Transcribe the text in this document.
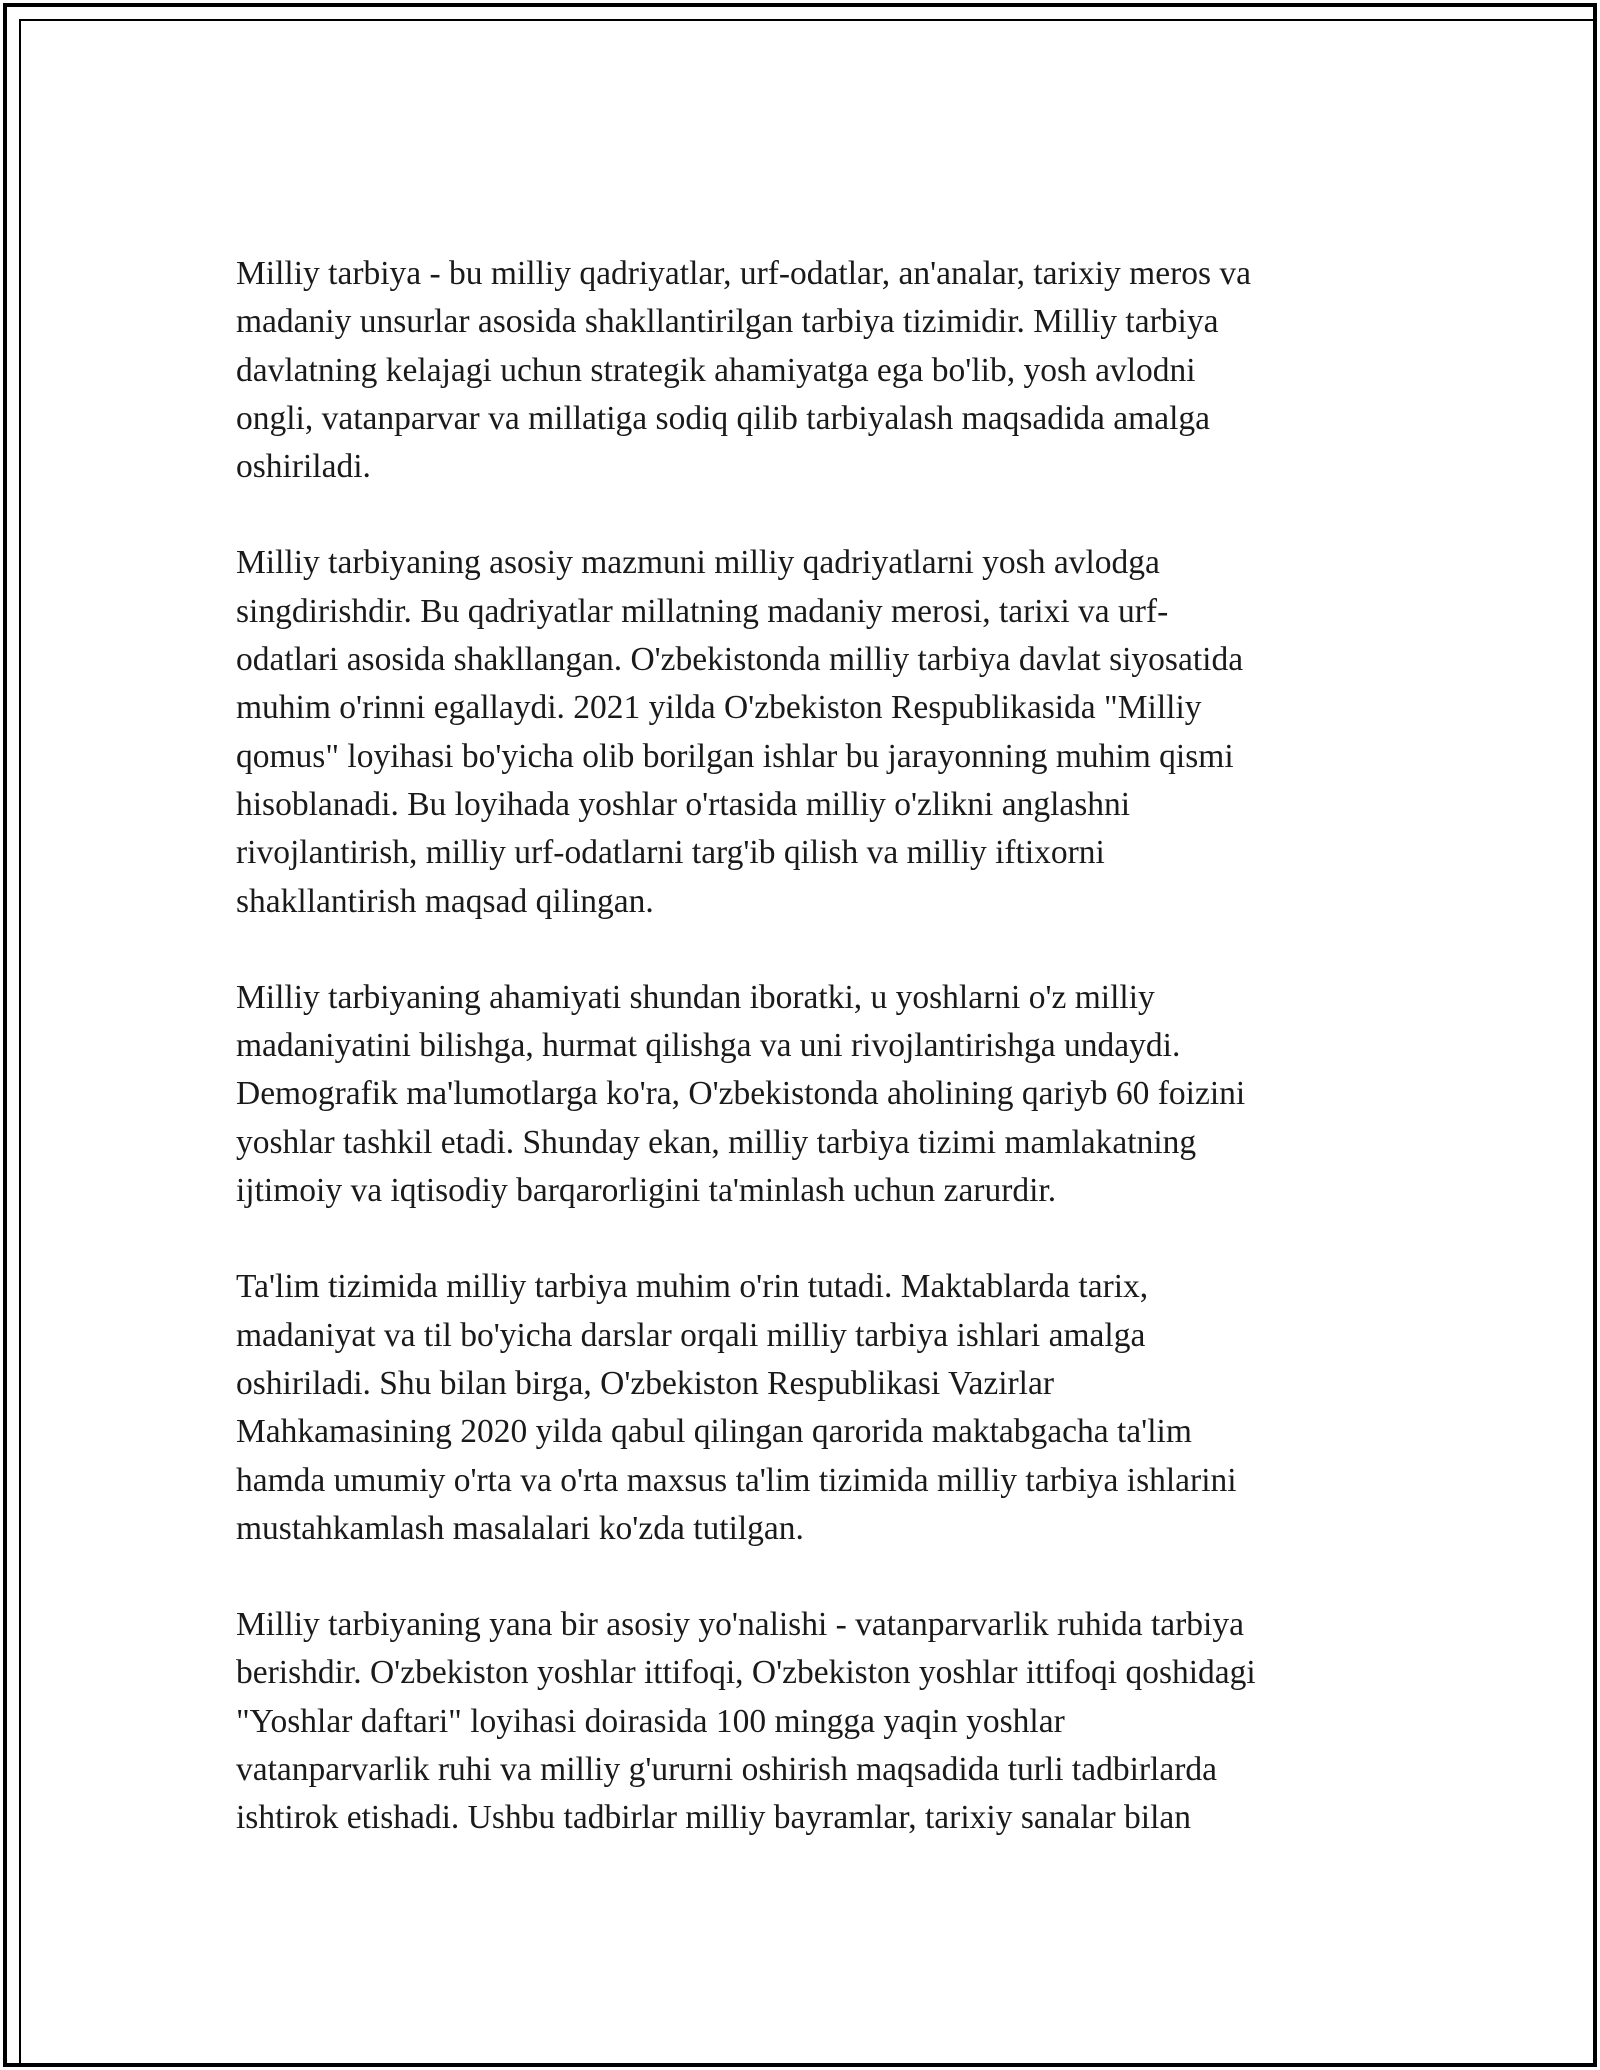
Milliy tarbiya - bu milliy qadriyatlar, urf-odatlar, an'analar, tarixiy meros va
madaniy unsurlar asosida shakllantirilgan tarbiya tizimidir. Milliy tarbiya
davlatning kelajagi uchun strategik ahamiyatga ega bo'lib, yosh avlodni
ongli, vatanparvar va millatiga sodiq qilib tarbiyalash maqsadida amalga
oshiriladi.

Milliy tarbiyaning asosiy mazmuni milliy qadriyatlarni yosh avlodga
singdirishdir. Bu qadriyatlar millatning madaniy merosi, tarixi va urf-
odatlari asosida shakllangan. O'zbekistonda milliy tarbiya davlat siyosatida
muhim o'rinni egallaydi. 2021 yilda O'zbekiston Respublikasida "Milliy
qomus" loyihasi bo'yicha olib borilgan ishlar bu jarayonning muhim qismi
hisoblanadi. Bu loyihada yoshlar o'rtasida milliy o'zlikni anglashni
rivojlantirish, milliy urf-odatlarni targ'ib qilish va milliy iftixorni
shakllantirish maqsad qilingan.

Milliy tarbiyaning ahamiyati shundan iboratki, u yoshlarni o'z milliy
madaniyatini bilishga, hurmat qilishga va uni rivojlantirishga undaydi.
Demografik ma'lumotlarga ko'ra, O'zbekistonda aholining qariyb 60 foizini
yoshlar tashkil etadi. Shunday ekan, milliy tarbiya tizimi mamlakatning
ijtimoiy va iqtisodiy barqarorligini ta'minlash uchun zarurdir.

Ta'lim tizimida milliy tarbiya muhim o'rin tutadi. Maktablarda tarix,
madaniyat va til bo'yicha darslar orqali milliy tarbiya ishlari amalga
oshiriladi. Shu bilan birga, O'zbekiston Respublikasi Vazirlar
Mahkamasining 2020 yilda qabul qilingan qarorida maktabgacha ta'lim
hamda umumiy o'rta va o'rta maxsus ta'lim tizimida milliy tarbiya ishlarini
mustahkamlash masalalari ko'zda tutilgan.

Milliy tarbiyaning yana bir asosiy yo'nalishi - vatanparvarlik ruhida tarbiya
berishdir. O'zbekiston yoshlar ittifoqi, O'zbekiston yoshlar ittifoqi qoshidagi
"Yoshlar daftari" loyihasi doirasida 100 mingga yaqin yoshlar
vatanparvarlik ruhi va milliy g'ururni oshirish maqsadida turli tadbirlarda
ishtirok etishadi. Ushbu tadbirlar milliy bayramlar, tarixiy sanalar bilan
